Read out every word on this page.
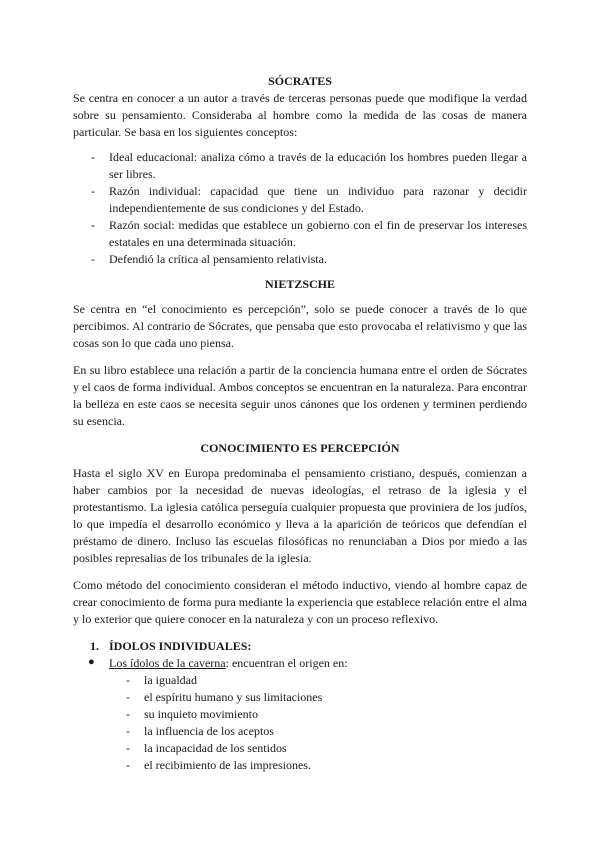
SÓCRATES

Se centra en conocer a un autor a través de terceras personas puede que modifique la verdad sobre su pensamiento. Consideraba al hombre como la medida de las cosas de manera particular. Se basa en los siguientes conceptos:

- Ideal educacional: analiza cómo a través de la educación los hombres pueden llegar a ser libres.
- Razón individual: capacidad que tiene un individuo para razonar y decidir independientemente de sus condiciones y del Estado.
- Razón social: medidas que establece un gobierno con el fin de preservar los intereses estatales en una determinada situación.
- Defendió la crítica al pensamiento relativista.
NIETZSCHE

Se centra en “el conocimiento es percepción”, solo se puede conocer a través de lo que percibimos. Al contrario de Sócrates, que pensaba que esto provocaba el relativismo y que las cosas son lo que cada uno piensa.

En su libro establece una relación a partir de la conciencia humana entre el orden de Sócrates y el caos de forma individual. Ambos conceptos se encuentran en la naturaleza. Para encontrar la belleza en este caos se necesita seguir unos cánones que los ordenen y terminen perdiendo su esencia.

CONOCIMIENTO ES PERCEPCIÓN

Hasta el siglo XV en Europa predominaba el pensamiento cristiano, después, comienzan a haber cambios por la necesidad de nuevas ideologías, el retraso de la iglesia y el protestantismo. La iglesia católica perseguía cualquier propuesta que proviniera de los judíos, lo que impedía el desarrollo económico y lleva a la aparición de teóricos que defendían el préstamo de dinero. Incluso las escuelas filosóficas no renunciaban a Dios por miedo a las posibles represalias de los tribunales de la iglesia.

Como método del conocimiento consideran el método inductivo, viendo al hombre capaz de crear conocimiento de forma pura mediante la experiencia que establece relación entre el alma y lo exterior que quiere conocer en la naturaleza y con un proceso reflexivo.

1. ÍDOLOS INDIVIDUALES:
● Los ídolos de la caverna: encuentran el origen en:
- la igualdad
- el espíritu humano y sus limitaciones
- su inquieto movimiento
- la influencia de los aceptos
- la incapacidad de los sentidos
- el recibimiento de las impresiones.
